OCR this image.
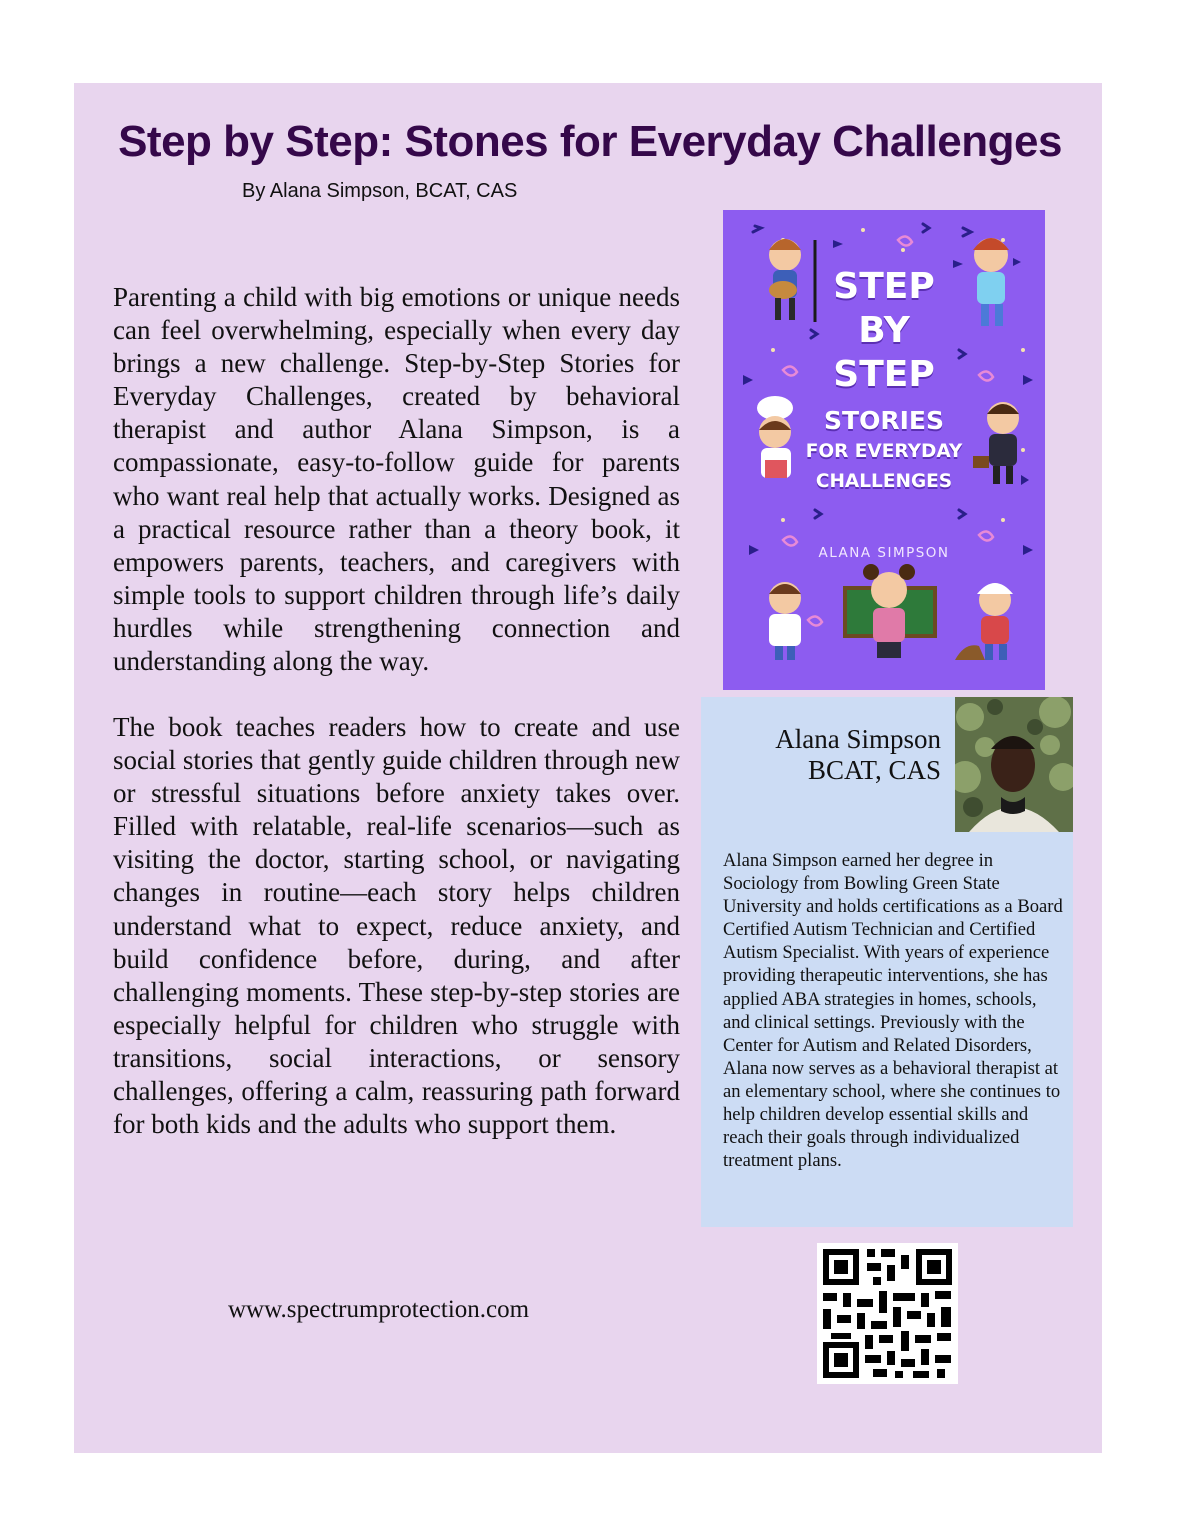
Step by Step: Stones for Everyday Challenges
By Alana Simpson, BCAT, CAS

Parenting a child with big emotions or unique needs can feel overwhelming, especially when every day brings a new challenge. Step-by-Step Stories for Everyday Challenges, created by behavioral therapist and author Alana Simpson, is a compassionate, easy-to-follow guide for parents who want real help that actually works. Designed as a practical resource rather than a theory book, it empowers parents, teachers, and caregivers with simple tools to support children through life’s daily hurdles while strengthening connection and understanding along the way.

The book teaches readers how to create and use social stories that gently guide children through new or stressful situations before anxiety takes over. Filled with relatable, real-life scenarios—such as visiting the doctor, starting school, or navigating changes in routine—each story helps children understand what to expect, reduce anxiety, and build confidence before, during, and after challenging moments. These step-by-step stories are especially helpful for children who struggle with transitions, social interactions, or sensory challenges, offering a calm, reassuring path forward for both kids and the adults who support them.

STEP
BY
STEP
STORIES
FOR EVERYDAY
CHALLENGES
ALANA SIMPSON
Alana Simpson
BCAT, CAS

Alana Simpson earned her degree in Sociology from Bowling Green State University and holds certifications as a Board Certified Autism Technician and Certified Autism Specialist. With years of experience providing therapeutic interventions, she has applied ABA strategies in homes, schools, and clinical settings. Previously with the Center for Autism and Related Disorders, Alana now serves as a behavioral therapist at an elementary school, where she continues to help children develop essential skills and reach their goals through individualized treatment plans.

www.spectrumprotection.com
